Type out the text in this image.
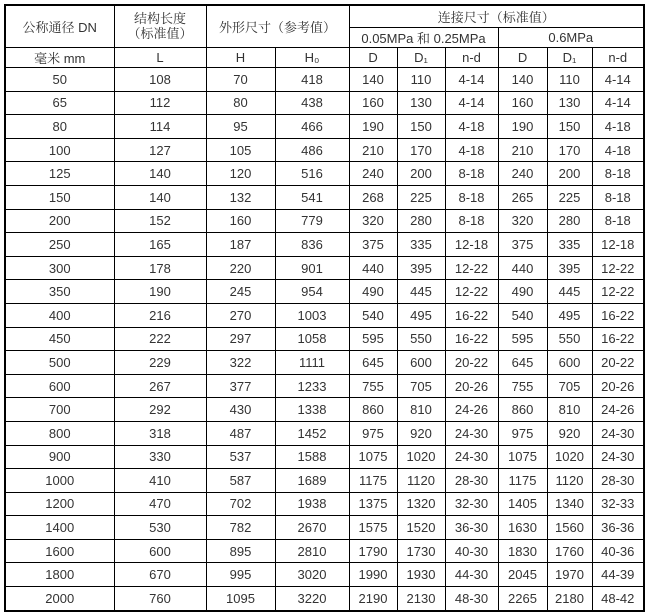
公称通径 DN	结构长度
（标准值）	外形尺寸（参考值）		连接尺寸（标准值）					
				0.05MPa 和 0.25MPa			0.6MPa		
毫米 mm	L	H	H₀	D	D₁	n-d	D	D₁	n-d
50	108	70	418	140	110	4-14	140	110	4-14
65	112	80	438	160	130	4-14	160	130	4-14
80	114	95	466	190	150	4-18	190	150	4-18
100	127	105	486	210	170	4-18	210	170	4-18
125	140	120	516	240	200	8-18	240	200	8-18
150	140	132	541	268	225	8-18	265	225	8-18
200	152	160	779	320	280	8-18	320	280	8-18
250	165	187	836	375	335	12-18	375	335	12-18
300	178	220	901	440	395	12-22	440	395	12-22
350	190	245	954	490	445	12-22	490	445	12-22
400	216	270	1003	540	495	16-22	540	495	16-22
450	222	297	1058	595	550	16-22	595	550	16-22
500	229	322	1111	645	600	20-22	645	600	20-22
600	267	377	1233	755	705	20-26	755	705	20-26
700	292	430	1338	860	810	24-26	860	810	24-26
800	318	487	1452	975	920	24-30	975	920	24-30
900	330	537	1588	1075	1020	24-30	1075	1020	24-30
1000	410	587	1689	1175	1120	28-30	1175	1120	28-30
1200	470	702	1938	1375	1320	32-30	1405	1340	32-33
1400	530	782	2670	1575	1520	36-30	1630	1560	36-36
1600	600	895	2810	1790	1730	40-30	1830	1760	40-36
1800	670	995	3020	1990	1930	44-30	2045	1970	44-39
2000	760	1095	3220	2190	2130	48-30	2265	2180	48-42
